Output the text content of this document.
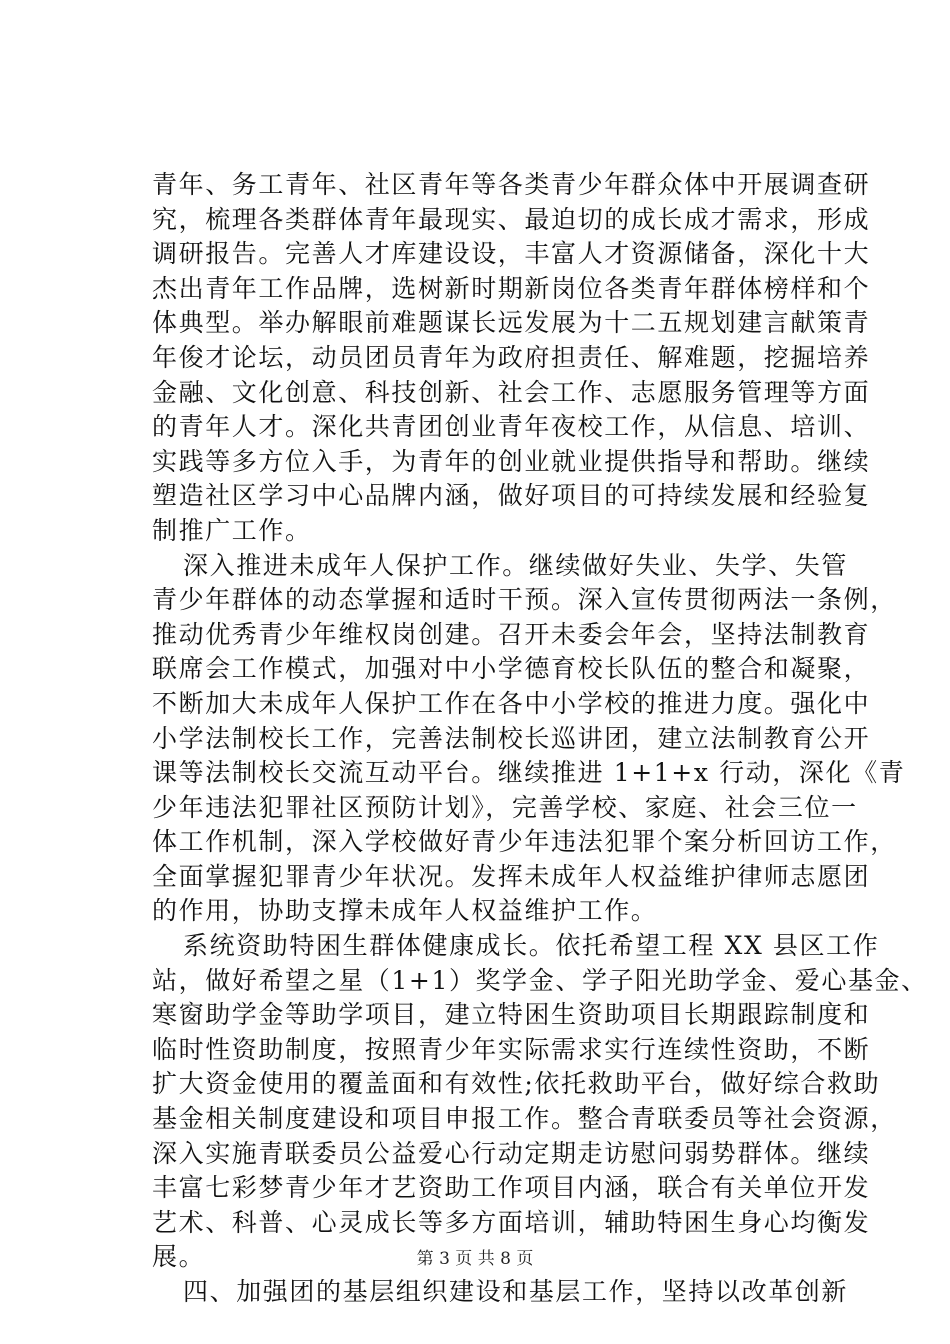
青年、务工青年、社区青年等各类青少年群众体中开展调查研
究，梳理各类群体青年最现实、最迫切的成长成才需求，形成
调研报告。完善人才库建设设，丰富人才资源储备，深化十大
杰出青年工作品牌，选树新时期新岗位各类青年群体榜样和个
体典型。举办解眼前难题谋长远发展为十二五规划建言献策青
年俊才论坛，动员团员青年为政府担责任、解难题，挖掘培养
金融、文化创意、科技创新、社会工作、志愿服务管理等方面
的青年人才。深化共青团创业青年夜校工作，从信息、培训、
实践等多方位入手，为青年的创业就业提供指导和帮助。继续
塑造社区学习中心品牌内涵，做好项目的可持续发展和经验复
制推广工作。
深入推进未成年人保护工作。继续做好失业、失学、失管
青少年群体的动态掌握和适时干预。深入宣传贯彻两法一条例，
推动优秀青少年维权岗创建。召开未委会年会，坚持法制教育
联席会工作模式，加强对中小学德育校长队伍的整合和凝聚，
不断加大未成年人保护工作在各中小学校的推进力度。强化中
小学法制校长工作，完善法制校长巡讲团，建立法制教育公开
课等法制校长交流互动平台。继续推进 1+1+x 行动，深化《青
少年违法犯罪社区预防计划》，完善学校、家庭、社会三位一
体工作机制，深入学校做好青少年违法犯罪个案分析回访工作，
全面掌握犯罪青少年状况。发挥未成年人权益维护律师志愿团
的作用，协助支撑未成年人权益维护工作。
系统资助特困生群体健康成长。依托希望工程 XX 县区工作
站，做好希望之星（1+1）奖学金、学子阳光助学金、爱心基金、
寒窗助学金等助学项目，建立特困生资助项目长期跟踪制度和
临时性资助制度，按照青少年实际需求实行连续性资助，不断
扩大资金使用的覆盖面和有效性;依托救助平台，做好综合救助
基金相关制度建设和项目申报工作。整合青联委员等社会资源，
深入实施青联委员公益爱心行动定期走访慰问弱势群体。继续
丰富七彩梦青少年才艺资助工作项目内涵，联合有关单位开发
艺术、科普、心灵成长等多方面培训，辅助特困生身心均衡发
展。
四、加强团的基层组织建设和基层工作，坚持以改革创新
第 3 页 共 8 页
